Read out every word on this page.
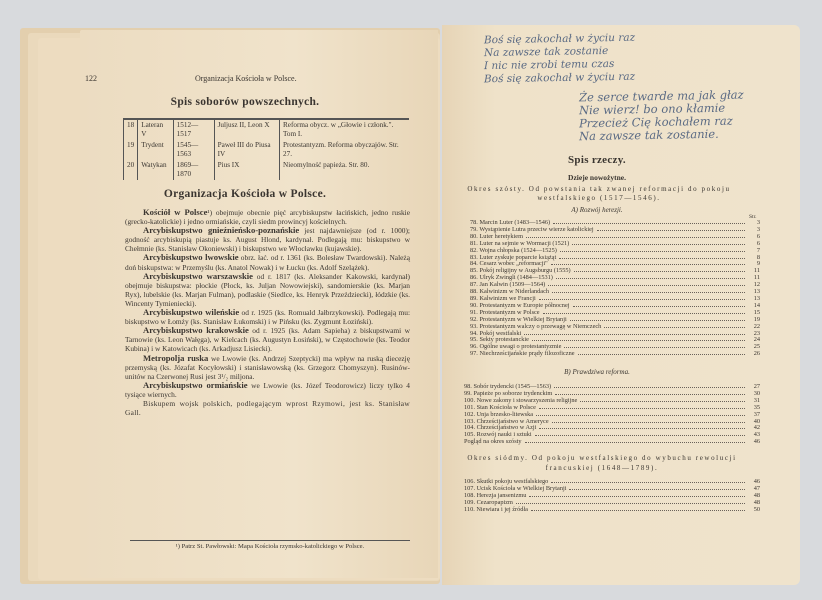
122	Organizacja Kościoła w Polsce.
Spis soborów powszechnych.
18	Lateran V	1512—1517	Juljusz II, Leon X	Reforma obycz. w „Głowie i członk.". Tom I.
19	Trydent	1545—1563	Paweł III do Piusa IV	Protestantyzm. Reforma obyczajów. Str. 27.
20	Watykan	1869—1870	Pius IX	Nieomylność papieża. Str. 80.
Organizacja Kościoła w Polsce.

Kościół w Polsce¹) obejmuje obecnie pięć arcybiskupstw łacińskich, jedno ruskie (grecko-katolickie) i jedno ormiańskie, czyli siedm prowincyj kościelnych.

Arcybiskupstwo gnieźnieńsko-poznańskie jest najdawniejsze (od r. 1000); godność arcybiskupią piastuje ks. August Hlond, kardynał. Podlegają mu: biskupstwo w Chełmnie (ks. Stanisław Okoniewski) i biskupstwo we Włocławku (kujawskie).

Arcybiskupstwo lwowskie obrz. łać. od r. 1361 (ks. Bolesław Twardowski). Należą doń biskupstwa: w Przemyślu (ks. Anatol Nowak) i w Łucku (ks. Adolf Szelążek).

Arcybiskupstwo warszawskie od r. 1817 (ks. Aleksander Kakowski, kardynał) obejmuje biskupstwa: płockie (Płock, ks. Juljan Nowowiejski), sandomierskie (ks. Marjan Ryx), lubelskie (ks. Marjan Fulman), podlaskie (Siedlce, ks. Henryk Przeździecki), łódzkie (ks. Wincenty Tymieniecki).

Arcybiskupstwo wileńskie od r. 1925 (ks. Romuald Jałbrzykowski). Podlegają mu: biskupstwo w Łomży (ks. Stanisław Łukomski) i w Pińsku (ks. Zygmunt Łoziński).

Arcybiskupstwo krakowskie od r. 1925 (ks. Adam Sapieha) z biskupstwami w Tarnowie (ks. Leon Wałęga), w Kielcach (ks. Augustyn Łosiński), w Częstochowie (ks. Teodor Kubina) i w Katowicach (ks. Arkadjusz Lisiecki).

Metropolja ruska we Lwowie (ks. Andrzej Szeptycki) ma wpływ na ruską diecezję przemyską (ks. Józafat Kocyłowski) i stanisławowską (ks. Grzegorz Chomyszyn). Rusinów-unitów na Czerwonej Rusi jest 3¹/₂ miljona.

Arcybiskupstwo ormiańskie we Lwowie (ks. Józef Teodorowicz) liczy tylko 4 tysiące wiernych.

Biskupem wojsk polskich, podlegającym wprost Rzymowi, jest ks. Stanisław Gall.

¹) Patrz St. Pawłowski: Mapa Kościoła rzymsko-katolickiego w Polsce.
Boś się zakochał w życiu raz
Na zawsze tak zostanie
I nic nie zrobi temu czas
Boś się zakochał w życiu raz
Że serce twarde ma jak głaz
Nie wierz! bo ono kłamie
Przecież Cię kochałem raz
Na zawsze tak zostanie.
Spis rzeczy.
Dzieje nowożytne.
Okres szósty. Od powstania tak zwanej reformacji do pokoju westfalskiego (1517—1546).
A) Rozwój herezji.
Str.
78. Marcin Luter (1483—1546)	3
79. Wystąpienie Lutra przeciw wierze katolickiej	3
80. Luter heretykiem	6
81. Luter na sejmie w Wormacji (1521)	6
82. Wojna chłopska (1524—1525)	7
83. Luter zyskuje poparcie książąt	8
84. Cesarz wobec „reformacji"	9
85. Pokój religijny w Augsburgu (1555)	11
86. Ulryk Zwingli (1484—1531)	11
87. Jan Kalwin (1509—1564)	12
88. Kalwinizm w Niderlandach	13
89. Kalwinizm we Francji	13
90. Protestantyzm w Europie północnej	14
91. Protestantyzm w Polsce	15
92. Protestantyzm w Wielkiej Brytanji	19
93. Protestantyzm walczy o przewagę w Niemczech	22
94. Pokój westfalski	23
95. Sekty protestanckie	24
96. Ogólne uwagi o protestantyzmie	25
97. Niechrześcijańskie prądy filozoficzne	26
B) Prawdziwa reforma.
98. Sobór trydencki (1545—1563)	27
99. Papieże po soborze trydenckim	30
100. Nowe zakony i stowarzyszenia religijne	31
101. Stan Kościoła w Polsce	35
102. Unja brzesko-litewska	37
103. Chrześcijaństwo w Ameryce	40
104. Chrześcijaństwo w Azji	42
105. Rozwój nauki i sztuki	43
Pogląd na okres szósty	46
Okres siódmy. Od pokoju westfalskiego do wybuchu rewolucji francuskiej (1648—1789).
106. Skutki pokoju westfalskiego	46
107. Ucisk Kościoła w Wielkiej Brytanji	47
108. Herezja jansenizmu	48
109. Cezaropapizm	48
110. Niewiara i jej źródła	50
